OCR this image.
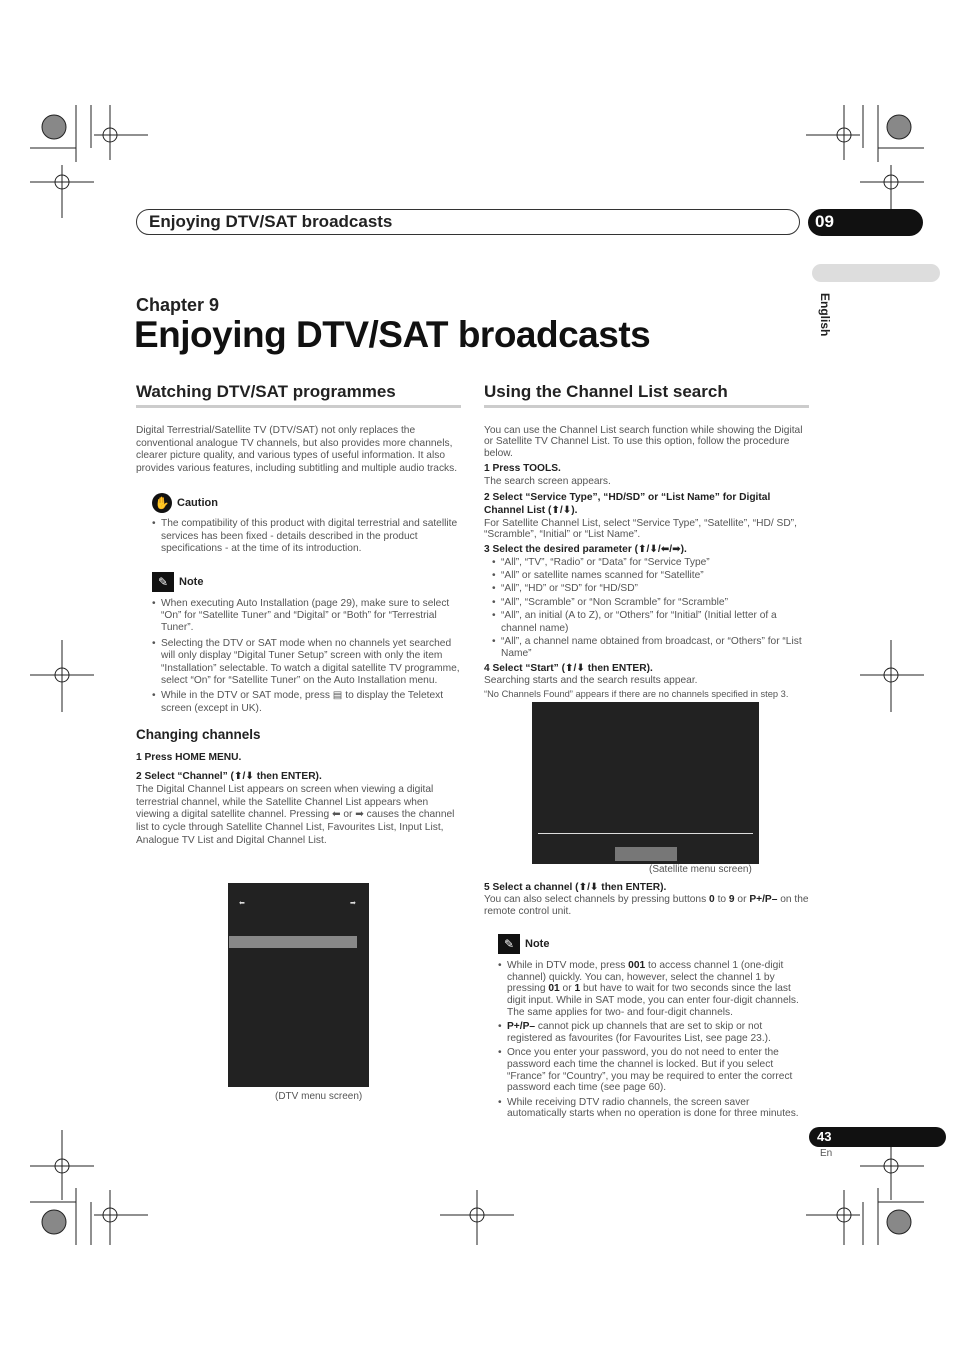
Enjoying DTV/SAT broadcasts	09
English
Chapter 9
Enjoying DTV/SAT broadcasts
Watching DTV/SAT programmes

Digital Terrestrial/Satellite TV (DTV/SAT) not only replaces the conventional analogue TV channels, but also provides more channels, clearer picture quality, and various types of useful information. It also provides various features, including subtitling and multiple audio tracks.

✋ Caution
• The compatibility of this product with digital terrestrial and satellite services has been fixed - details described in the product specifications - at the time of its introduction.
✎ Note
• When executing Auto Installation (page 29), make sure to select “On” for “Satellite Tuner” and “Digital” or “Both” for “Terrestrial Tuner”.
• Selecting the DTV or SAT mode when no channels yet searched will only display “Digital Tuner Setup” screen with only the item “Installation” selectable. To watch a digital satellite TV programme, select “On” for “Satellite Tuner” on the Auto Installation menu.
• While in the DTV or SAT mode, press ▤ to display the Teletext screen (except in UK).
Changing channels
1 Press HOME MENU.
2 Select “Channel” (⬆/⬇ then ENTER).

The Digital Channel List appears on screen when viewing a digital terrestrial channel, while the Satellite Channel List appears when viewing a digital satellite channel. Pressing ⬅ or ➡ causes the channel list to cycle through Satellite Channel List, Favourites List, Input List, Analogue TV List and Digital Channel List.

⬅	➡
(DTV menu screen)
Using the Channel List search

You can use the Channel List search function while showing the Digital or Satellite TV Channel List. To use this option, follow the procedure below.

1 Press TOOLS.
The search screen appears.
2 Select “Service Type”, “HD/SD” or “List Name” for Digital
Channel List (⬆/⬇).
For Satellite Channel List, select “Service Type”, “Satellite”, “HD/ SD”, “Scramble”, “Initial” or “List Name”.
3 Select the desired parameter (⬆/⬇/⬅/➡).
• “All”, “TV”, “Radio” or “Data” for “Service Type”
• “All” or satellite names scanned for “Satellite”
• “All”, “HD” or “SD” for “HD/SD”
• “All”, “Scramble” or “Non Scramble” for “Scramble”
• “All”, an initial (A to Z), or “Others” for “Initial” (Initial letter of a channel name)
• “All”, a channel name obtained from broadcast, or “Others” for “List Name”
4 Select “Start” (⬆/⬇ then ENTER).
Searching starts and the search results appear.
“No Channels Found” appears if there are no channels specified in step 3.
(Satellite menu screen)
5 Select a channel (⬆/⬇ then ENTER).

You can also select channels by pressing buttons 0 to 9 or P+/P– on the remote control unit.

✎ Note
• While in DTV mode, press 001 to access channel 1 (one-digit channel) quickly. You can, however, select the channel 1 by pressing 01 or 1 but have to wait for two seconds since the last digit input. While in SAT mode, you can enter four-digit channels. The same applies for two- and four-digit channels.
• P+/P– cannot pick up channels that are set to skip or not registered as favourites (for Favourites List, see page 23.).
• Once you enter your password, you do not need to enter the password each time the channel is locked. But if you select “France” for “Country”, you may be required to enter the correct password each time (see page 60).
• While receiving DTV radio channels, the screen saver automatically starts when no operation is done for three minutes.
43
En
